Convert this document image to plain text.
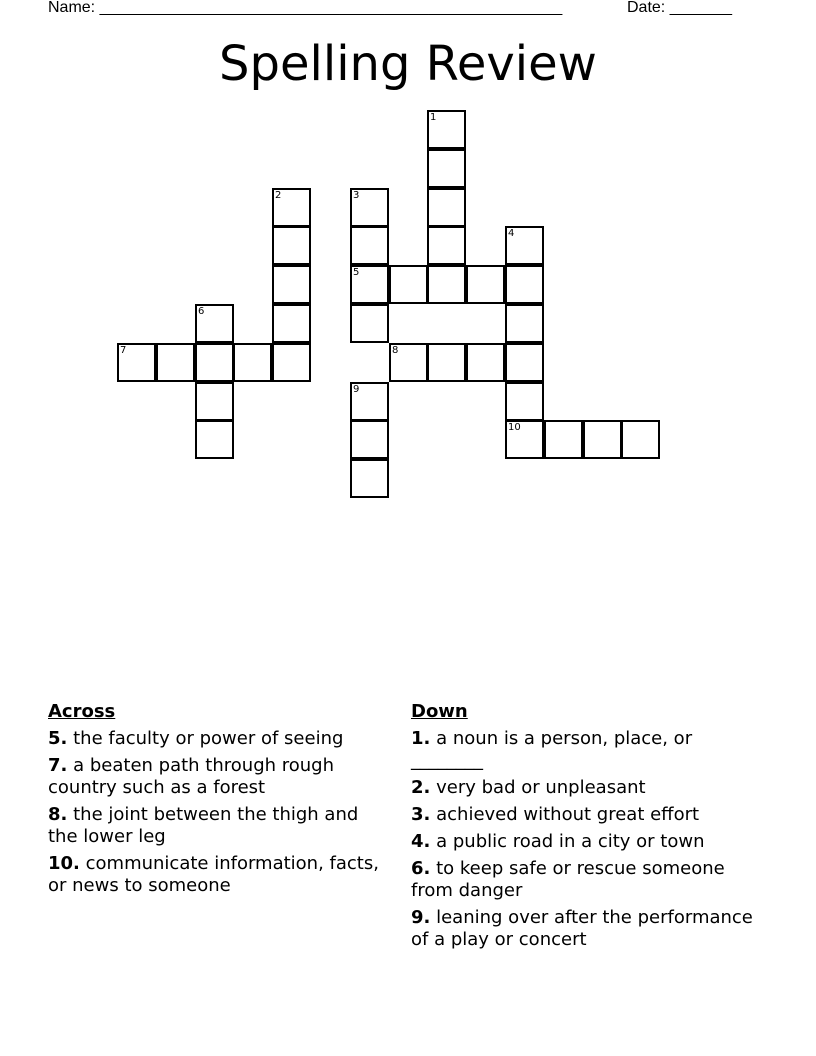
Name: ____________________________________________________	Date: _______
Spelling Review
1
2	3
5
4
10
6
7	8
9
Across
5. the faculty or power of seeing
7. a beaten path through rough country such as a forest
8. the joint between the thigh and the lower leg
10. communicate information, facts, or news to someone
Down
1. a noun is a person, place, or ________
2. very bad or unpleasant
3. achieved without great effort
4. a public road in a city or town
6. to keep safe or rescue someone from danger
9. leaning over after the performance of a play or concert
